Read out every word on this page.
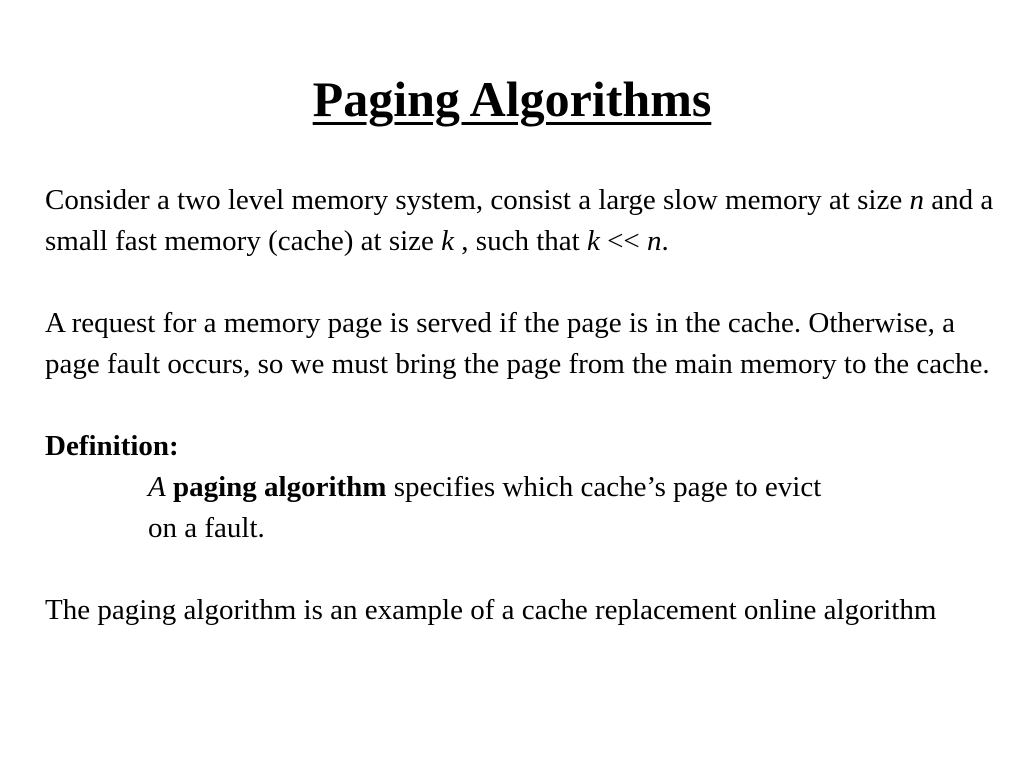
Paging Algorithms

Consider a two level memory system, consist a large slow memory at size n and a small fast memory (cache) at size k , such that k << n.

A request for a memory page is served if the page is in the cache. Otherwise, a page fault occurs, so we must bring the page from the main memory to the cache.

Definition:

A paging algorithm specifies which cache’s page to evict on a fault.

The paging algorithm is an example of a cache replacement online algorithm
